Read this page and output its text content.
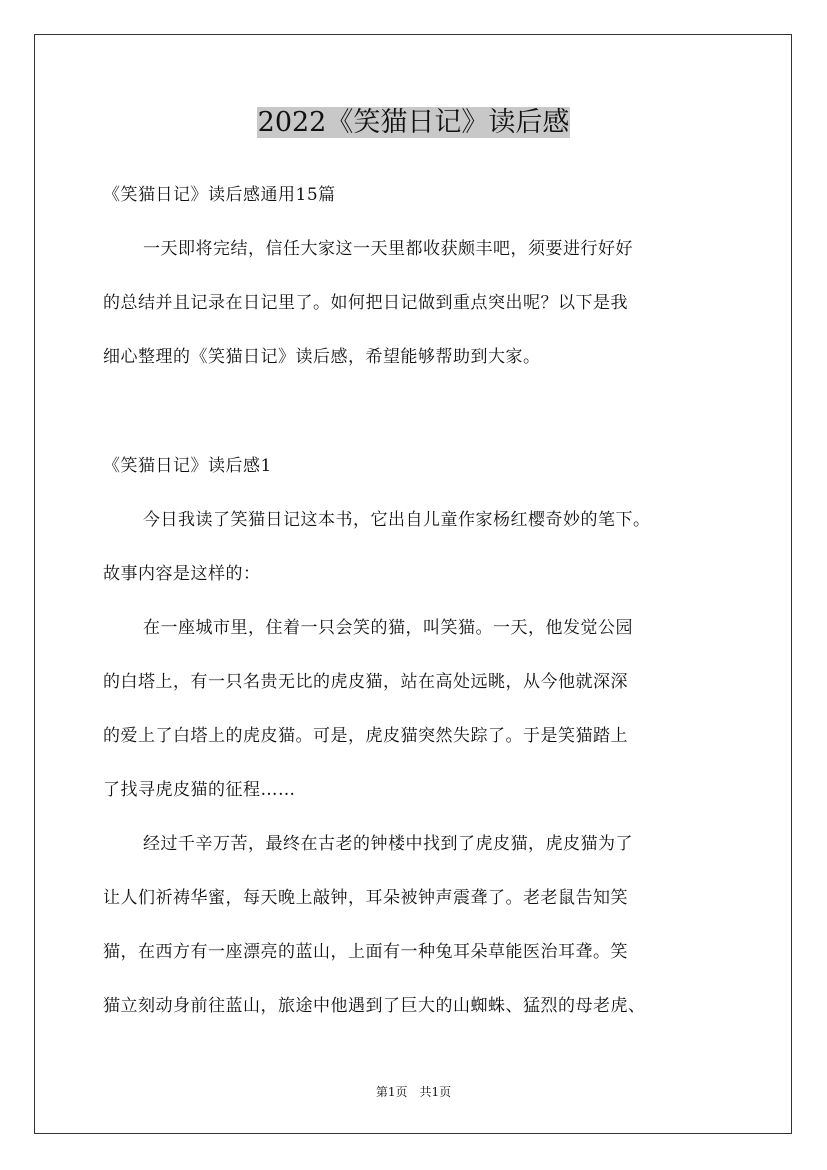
2022《笑猫日记》读后感
《笑猫日记》读后感通用15篇
一天即将完结，信任大家这一天里都收获颇丰吧，须要进行好好
的总结并且记录在日记里了。如何把日记做到重点突出呢？以下是我
细心整理的《笑猫日记》读后感，希望能够帮助到大家。
《笑猫日记》读后感1
今日我读了笑猫日记这本书，它出自儿童作家杨红樱奇妙的笔下。
故事内容是这样的：
在一座城市里，住着一只会笑的猫，叫笑猫。一天，他发觉公园
的白塔上，有一只名贵无比的虎皮猫，站在高处远眺，从今他就深深
的爱上了白塔上的虎皮猫。可是，虎皮猫突然失踪了。于是笑猫踏上
了找寻虎皮猫的征程……
经过千辛万苦，最终在古老的钟楼中找到了虎皮猫，虎皮猫为了
让人们祈祷华蜜，每天晚上敲钟，耳朵被钟声震聋了。老老鼠告知笑
猫，在西方有一座漂亮的蓝山，上面有一种兔耳朵草能医治耳聋。笑
猫立刻动身前往蓝山，旅途中他遇到了巨大的山蜘蛛、猛烈的母老虎、
第1页　共1页
